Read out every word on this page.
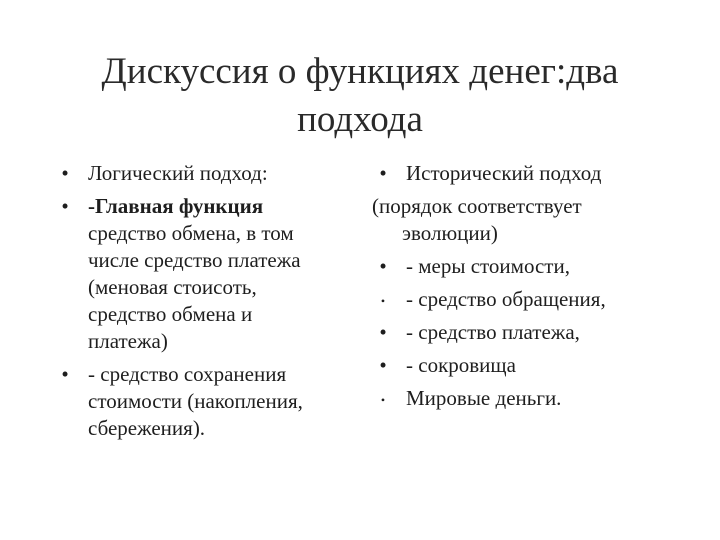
Дискуссия о функциях денег:два
подхода
• Логический подход:
• -Главная функция
средство обмена, в том
числе средство платежа
(меновая стоисоть,
средство обмена и
платежа)
• - средство сохранения
стоимости (накопления,
сбережения).
• Исторический подход
(порядок соответствует
эволюции)
• - меры стоимости,
• - средство обращения,
• - средство платежа,
• - сокровища
• Мировые деньги.
